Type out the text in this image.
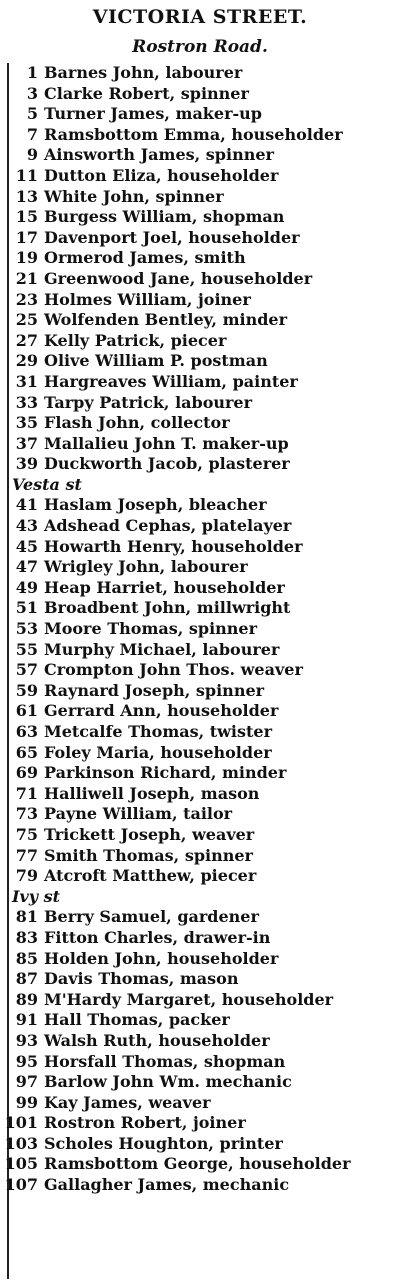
VICTORIA STREET.
Rostron Road.
1 Barnes John, labourer
3 Clarke Robert, spinner
5 Turner James, maker-up
7 Ramsbottom Emma, householder
9 Ainsworth James, spinner
11 Dutton Eliza, householder
13 White John, spinner
15 Burgess William, shopman
17 Davenport Joel, householder
19 Ormerod James, smith
21 Greenwood Jane, householder
23 Holmes William, joiner
25 Wolfenden Bentley, minder
27 Kelly Patrick, piecer
29 Olive William P. postman
31 Hargreaves William, painter
33 Tarpy Patrick, labourer
35 Flash John, collector
37 Mallalieu John T. maker-up
39 Duckworth Jacob, plasterer
Vesta st
41 Haslam Joseph, bleacher
43 Adshead Cephas, platelayer
45 Howarth Henry, householder
47 Wrigley John, labourer
49 Heap Harriet, householder
51 Broadbent John, millwright
53 Moore Thomas, spinner
55 Murphy Michael, labourer
57 Crompton John Thos. weaver
59 Raynard Joseph, spinner
61 Gerrard Ann, householder
63 Metcalfe Thomas, twister
65 Foley Maria, householder
69 Parkinson Richard, minder
71 Halliwell Joseph, mason
73 Payne William, tailor
75 Trickett Joseph, weaver
77 Smith Thomas, spinner
79 Atcroft Matthew, piecer
Ivy st
81 Berry Samuel, gardener
83 Fitton Charles, drawer-in
85 Holden John, householder
87 Davis Thomas, mason
89 M'Hardy Margaret, householder
91 Hall Thomas, packer
93 Walsh Ruth, householder
95 Horsfall Thomas, shopman
97 Barlow John Wm. mechanic
99 Kay James, weaver
101 Rostron Robert, joiner
103 Scholes Houghton, printer
105 Ramsbottom George, householder
107 Gallagher James, mechanic
